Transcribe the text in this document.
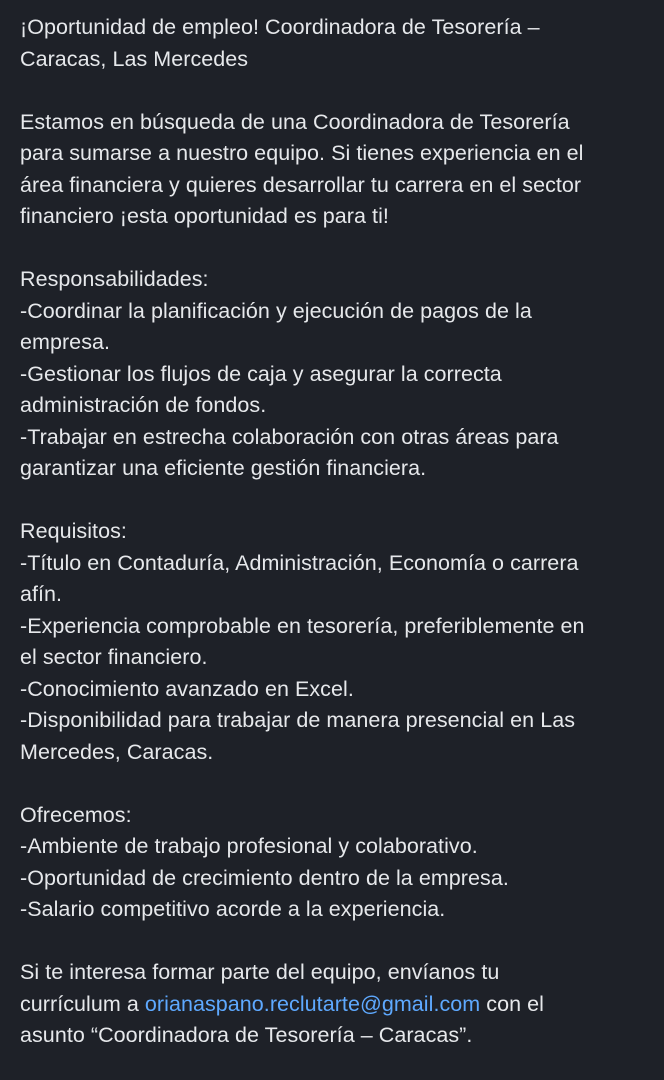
¡Oportunidad de empleo! Coordinadora de Tesorería –
Caracas, Las Mercedes
Estamos en búsqueda de una Coordinadora de Tesorería
para sumarse a nuestro equipo. Si tienes experiencia en el
área financiera y quieres desarrollar tu carrera en el sector
financiero ¡esta oportunidad es para ti!
Responsabilidades:
-Coordinar la planificación y ejecución de pagos de la
empresa.
-Gestionar los flujos de caja y asegurar la correcta
administración de fondos.
-Trabajar en estrecha colaboración con otras áreas para
garantizar una eficiente gestión financiera.
Requisitos:
-Título en Contaduría, Administración, Economía o carrera
afín.
-Experiencia comprobable en tesorería, preferiblemente en
el sector financiero.
-Conocimiento avanzado en Excel.
-Disponibilidad para trabajar de manera presencial en Las
Mercedes, Caracas.
Ofrecemos:
-Ambiente de trabajo profesional y colaborativo.
-Oportunidad de crecimiento dentro de la empresa.
-Salario competitivo acorde a la experiencia.
Si te interesa formar parte del equipo, envíanos tu
currículum a orianaspano.reclutarte@gmail.com con el
asunto “Coordinadora de Tesorería – Caracas”.
